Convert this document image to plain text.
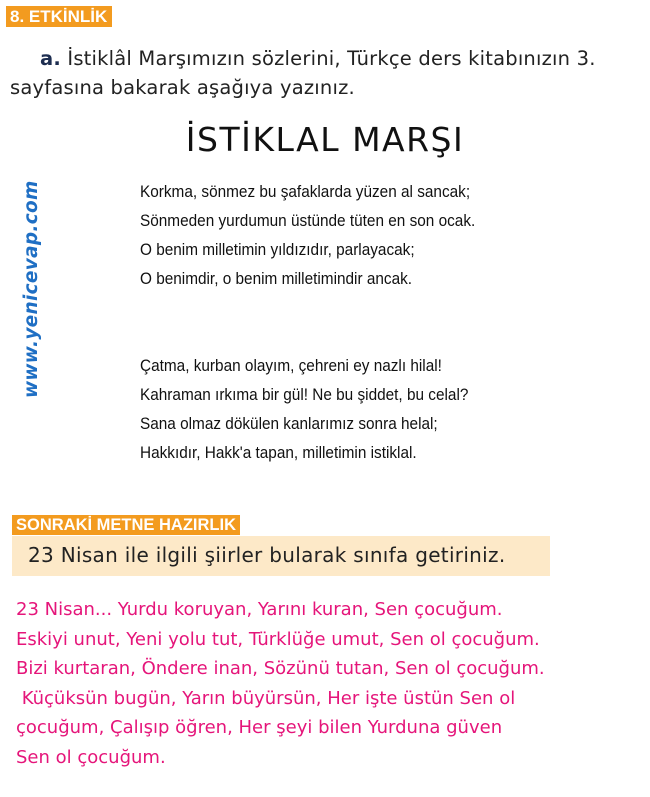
8. ETKİNLİK
a. İstiklâl Marşımızın sözlerini, Türkçe ders kitabınızın 3.
sayfasına bakarak aşağıya yazınız.
İSTİKLAL MARŞI
www.yenicevap.com	Korkma, sönmez bu şafaklarda yüzen al sancak;
Sönmeden yurdumun üstünde tüten en son ocak.
O benim milletimin yıldızıdır, parlayacak;
O benimdir, o benim milletimindir ancak.
Çatma, kurban olayım, çehreni ey nazlı hilal!
Kahraman ırkıma bir gül! Ne bu şiddet, bu celal?
Sana olmaz dökülen kanlarımız sonra helal;
Hakkıdır, Hakk'a tapan, milletimin istiklal.
SONRAKİ METNE HAZIRLIK
23 Nisan ile ilgili şiirler bularak sınıfa getiriniz.
23 Nisan... Yurdu koruyan, Yarını kuran, Sen çocuğum.
Eskiyi unut, Yeni yolu tut, Türklüğe umut, Sen ol çocuğum.
Bizi kurtaran, Öndere inan, Sözünü tutan, Sen ol çocuğum.
Küçüksün bugün, Yarın büyürsün, Her işte üstün Sen ol
çocuğum, Çalışıp öğren, Her şeyi bilen Yurduna güven
Sen ol çocuğum.
